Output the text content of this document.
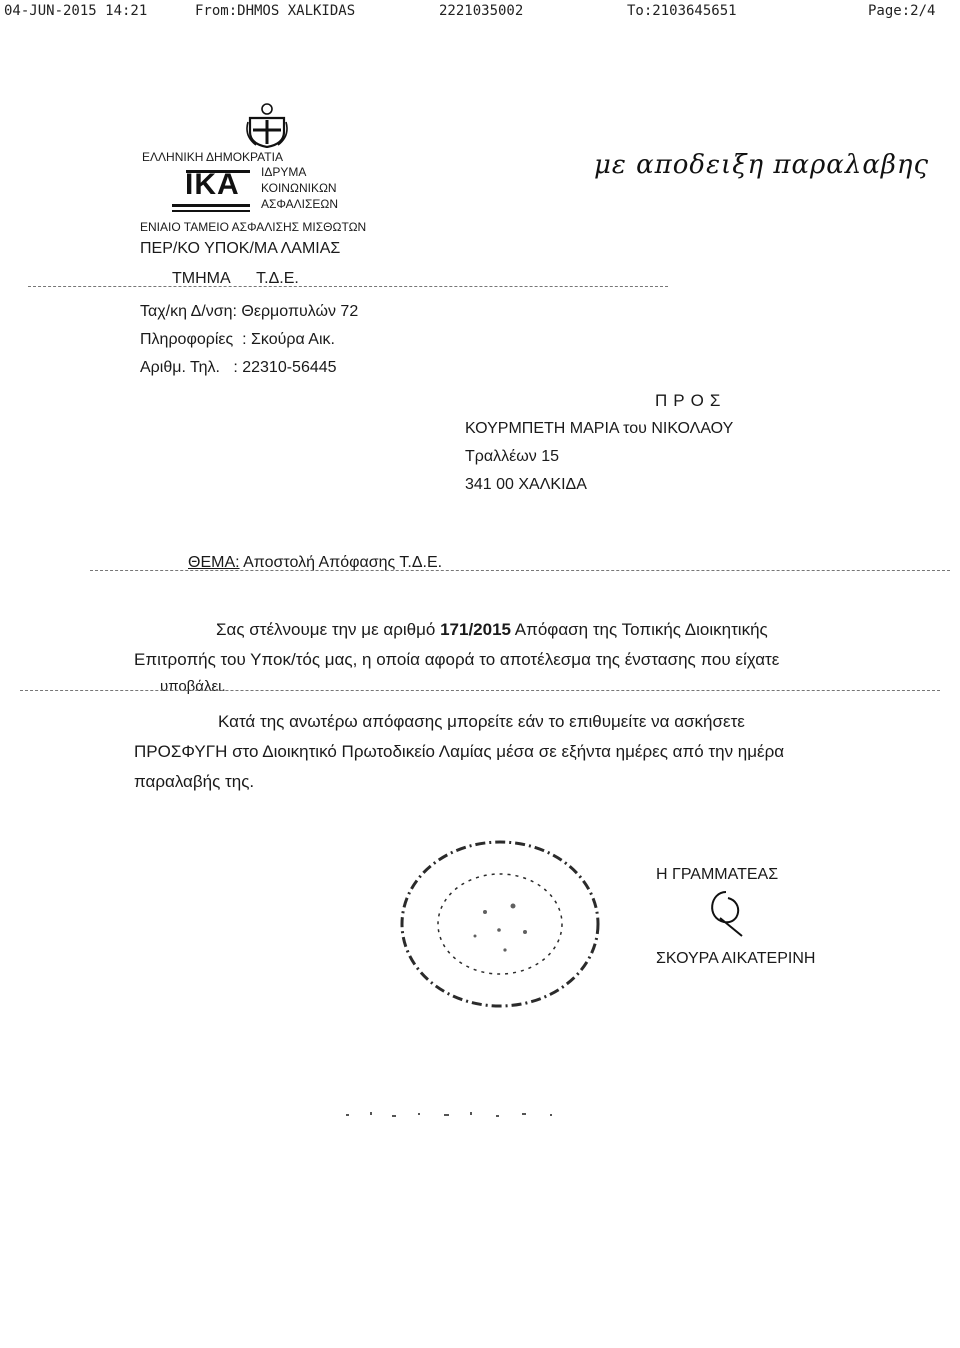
04-JUN-2015 14:21	From:DHMOS XALKIDAS	2221035002	To:2103645651	Page:2/4
ΕΛΛΗΝΙΚΗ ΔΗΜΟΚΡΑΤΙΑ
IKA ΙΔΡΥΜΑ
ΚΟΙΝΩΝΙΚΩΝ
ΑΣΦΑΛΙΣΕΩΝ
ΕΝΙΑΙΟ ΤΑΜΕΙΟ ΑΣΦΑΛΙΣΗΣ ΜΙΣΘΩΤΩΝ
ΠΕΡ/ΚΟ ΥΠΟΚ/ΜΑ ΛΑΜΙΑΣ
ΤΜΗΜΑ      Τ.Δ.Ε.
Ταχ/κη Δ/νση: Θερμοπυλών 72
Πληροφορίες  : Σκούρα Αικ.
Αριθμ. Τηλ.   : 22310-56445
με αποδειξη παραλαβης
ΠΡΟΣ
ΚΟΥΡΜΠΕΤΗ ΜΑΡΙΑ του ΝΙΚΟΛΑΟΥ
Τραλλέων 15
341 00 ΧΑΛΚΙΔΑ
ΘΕΜΑ: Αποστολή Απόφασης Τ.Δ.Ε.
Σας στέλνουμε την με αριθμό 171/2015 Απόφαση της Τοπικής Διοικητικής
Επιτροπής του Υποκ/τός μας, η οποία αφορά το αποτέλεσμα της ένστασης που είχατε
υποβάλει.
Κατά της ανωτέρω απόφασης μπορείτε εάν το επιθυμείτε να ασκήσετε
ΠΡΟΣΦΥΓΗ στο Διοικητικό Πρωτοδικείο Λαμίας μέσα σε εξήντα ημέρες από την ημέρα
παραλαβής της.
Η ΓΡΑΜΜΑΤΕΑΣ
ΣΚΟΥΡΑ ΑΙΚΑΤΕΡΙΝΗ
